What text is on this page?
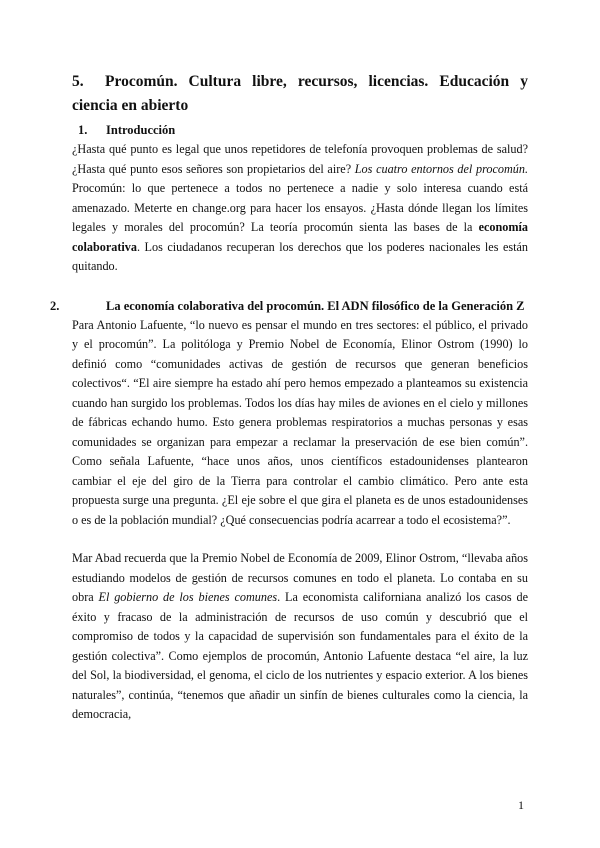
5. Procomún. Cultura libre, recursos, licencias. Educación y ciencia en abierto
1. Introducción

¿Hasta qué punto es legal que unos repetidores de telefonía provoquen problemas de salud? ¿Hasta qué punto esos señores son propietarios del aire? Los cuatro entornos del procomún. Procomún: lo que pertenece a todos no pertenece a nadie y solo interesa cuando está amenazado. Meterte en change.org para hacer los ensayos. ¿Hasta dónde llegan los límites legales y morales del procomún? La teoría procomún sienta las bases de la economía colaborativa. Los ciudadanos recuperan los derechos que los poderes nacionales les están quitando.

2.	La economía colaborativa del procomún. El ADN filosófico de la Generación Z

Para Antonio Lafuente, “lo nuevo es pensar el mundo en tres sectores: el público, el privado y el procomún”. La politóloga y Premio Nobel de Economía, Elinor Ostrom (1990) lo definió como “comunidades activas de gestión de recursos que generan beneficios colectivos“. “El aire siempre ha estado ahí pero hemos empezado a planteamos su existencia cuando han surgido los problemas. Todos los días hay miles de aviones en el cielo y millones de fábricas echando humo. Esto genera problemas respiratorios a muchas personas y esas comunidades se organizan para empezar a reclamar la preservación de ese bien común”. Como señala Lafuente, “hace unos años, unos científicos estadounidenses plantearon cambiar el eje del giro de la Tierra para controlar el cambio climático. Pero ante esta propuesta surge una pregunta. ¿El eje sobre el que gira el planeta es de unos estadounidenses o es de la población mundial? ¿Qué consecuencias podría acarrear a todo el ecosistema?”.

Mar Abad recuerda que la Premio Nobel de Economía de 2009, Elinor Ostrom, “llevaba años estudiando modelos de gestión de recursos comunes en todo el planeta. Lo contaba en su obra El gobierno de los bienes comunes. La economista californiana analizó los casos de éxito y fracaso de la administración de recursos de uso común y descubrió que el compromiso de todos y la capacidad de supervisión son fundamentales para el éxito de la gestión colectiva”. Como ejemplos de procomún, Antonio Lafuente destaca “el aire, la luz del Sol, la biodiversidad, el genoma, el ciclo de los nutrientes y espacio exterior. A los bienes naturales”, continúa, “tenemos que añadir un sinfín de bienes culturales como la ciencia, la democracia,

1
